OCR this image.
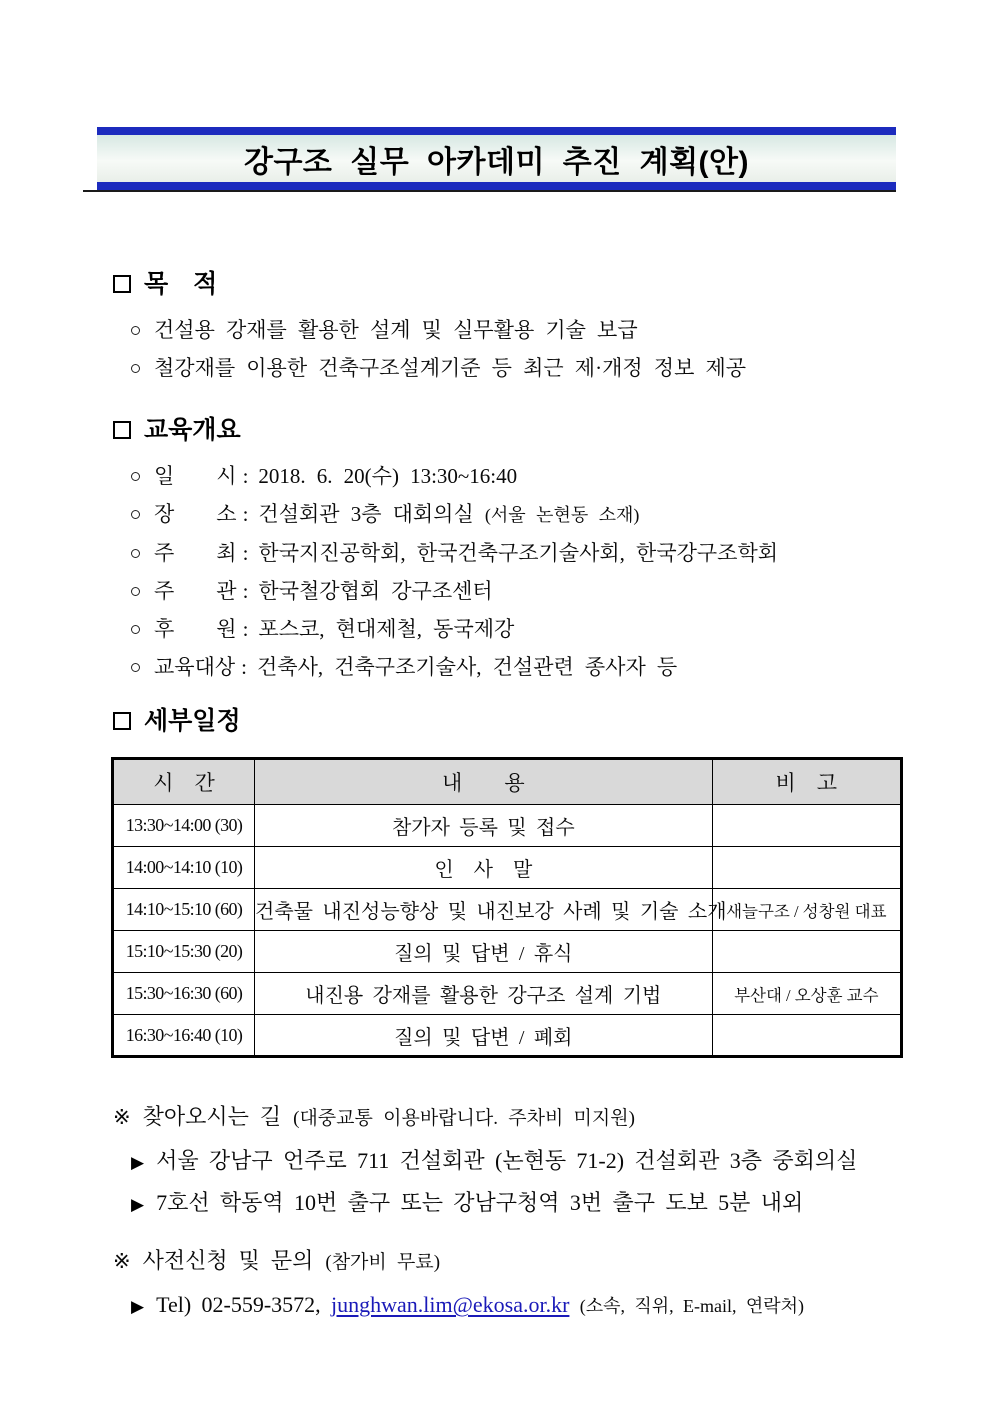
강구조 실무 아카데미 추진 계획(안)
목　적
건설용 강재를 활용한 설계 및 실무활용 기술 보급
철강재를 이용한 건축구조설계기준 등 최근 제·개정 정보 제공
교육개요
일　　시 : 2018. 6. 20(수) 13:30~16:40
장　　소 : 건설회관 3층 대회의실 (서울 논현동 소재)
주　　최 : 한국지진공학회, 한국건축구조기술사회, 한국강구조학회
주　　관 : 한국철강협회 강구조센터
후　　원 : 포스코, 현대제철, 동국제강
교육대상 : 건축사, 건축구조기술사, 건설관련 종사자 등
세부일정
시　간	내　　용	비　고
13:30~14:00 (30)	참가자 등록 및 접수	
14:00~14:10 (10)	인　사　말	
14:10~15:10 (60)	건축물 내진성능향상 및 내진보강 사례 및 기술 소개	새늘구조 / 성창원 대표
15:10~15:30 (20)	질의 및 답변 / 휴식	
15:30~16:30 (60)	내진용 강재를 활용한 강구조 설계 기법	부산대 / 오상훈 교수
16:30~16:40 (10)	질의 및 답변 / 폐회	
※ 찾아오시는 길 (대중교통 이용바랍니다. 주차비 미지원)
▶ 서울 강남구 언주로 711 건설회관 (논현동 71-2) 건설회관 3층 중회의실
▶ 7호선 학동역 10번 출구 또는 강남구청역 3번 출구 도보 5분 내외
※ 사전신청 및 문의 (참가비 무료)
▶ Tel) 02-559-3572, junghwan.lim@ekosa.or.kr (소속, 직위, E-mail, 연락처)
